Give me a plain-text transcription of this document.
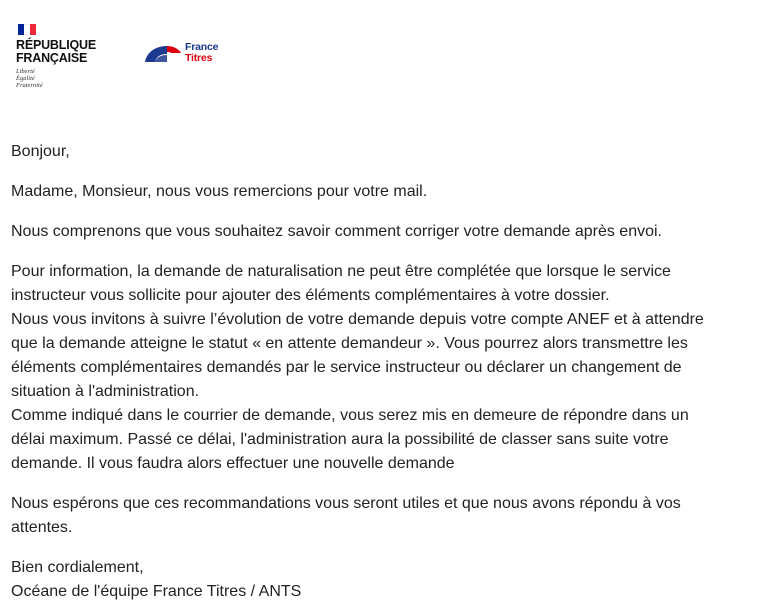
RÉPUBLIQUE
FRANÇAISE
Liberté
Égalité
Fraternité
France
Titres

Bonjour,

Madame, Monsieur, nous vous remercions pour votre mail.

Nous comprenons que vous souhaitez savoir comment corriger votre demande après envoi.

Pour information, la demande de naturalisation ne peut être complétée que lorsque le service instructeur vous sollicite pour ajouter des éléments complémentaires à votre dossier.

Nous vous invitons à suivre l’évolution de votre demande depuis votre compte ANEF et à attendre que la demande atteigne le statut « en attente demandeur ». Vous pourrez alors transmettre les éléments complémentaires demandés par le service instructeur ou déclarer un changement de situation à l'administration.

Comme indiqué dans le courrier de demande, vous serez mis en demeure de répondre dans un délai maximum. Passé ce délai, l'administration aura la possibilité de classer sans suite votre demande. Il vous faudra alors effectuer une nouvelle demande

Nous espérons que ces recommandations vous seront utiles et que nous avons répondu à vos attentes.

Bien cordialement,

Océane de l'équipe France Titres / ANTS
